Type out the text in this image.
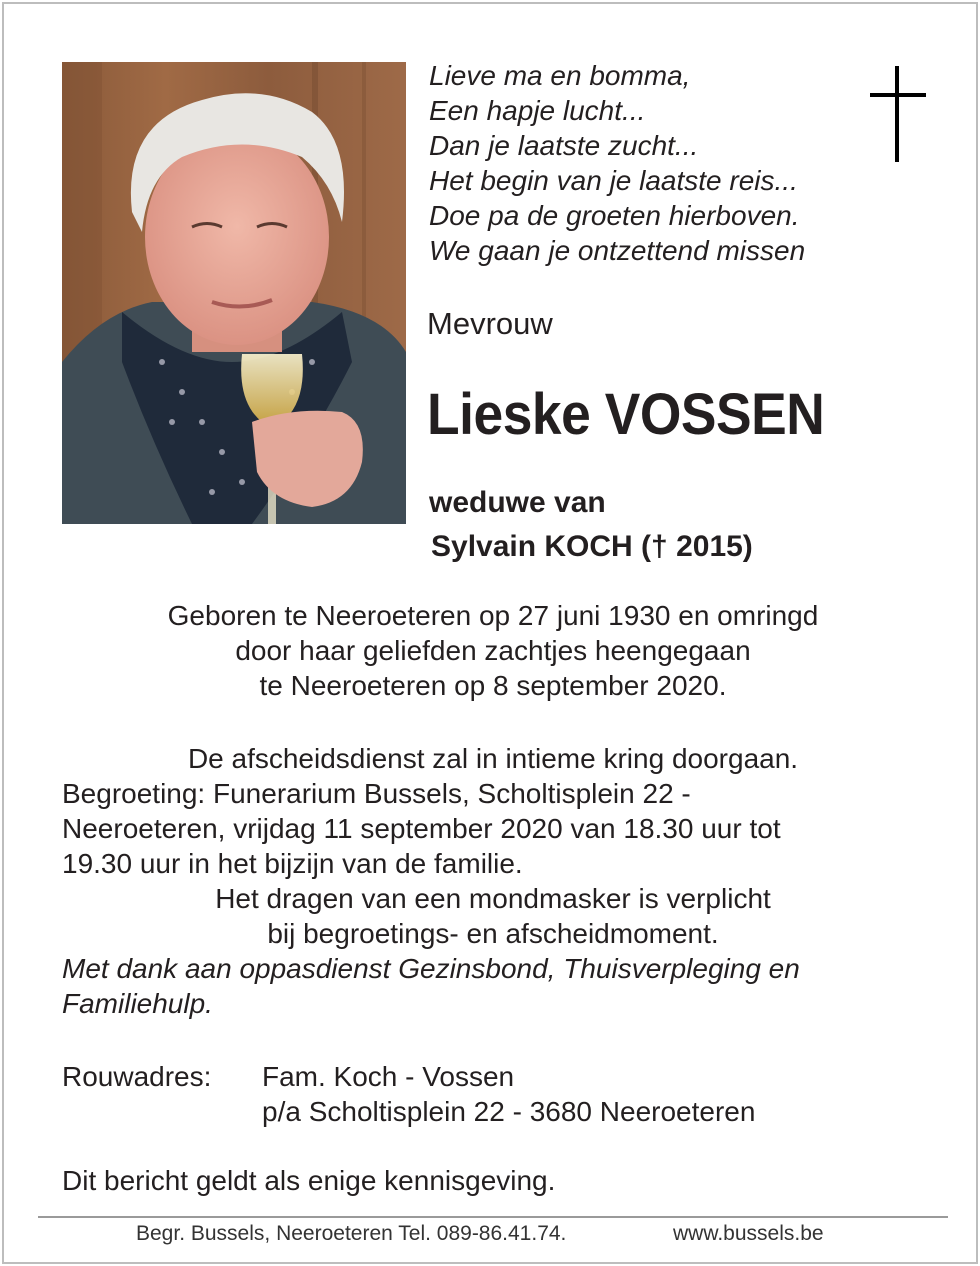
Lieve ma en bomma,
Een hapje lucht...
Dan je laatste zucht...
Het begin van je laatste reis...
Doe pa de groeten hierboven.
We gaan je ontzettend missen
Mevrouw
Lieske VOSSEN
weduwe van
Sylvain KOCH († 2015)
Geboren te Neeroeteren op 27 juni 1930 en omringd
door haar geliefden zachtjes heengegaan
te Neeroeteren op 8 september 2020.
De afscheidsdienst zal in intieme kring doorgaan.
Begroeting: Funerarium Bussels, Scholtisplein 22 -
Neeroeteren, vrijdag 11 september 2020 van 18.30 uur tot
19.30 uur in het bijzijn van de familie.
Het dragen van een mondmasker is verplicht
bij begroetings- en afscheidmoment.
Met dank aan oppasdienst Gezinsbond, Thuisverpleging en
Familiehulp.
Rouwadres: Fam. Koch - Vossen
p/a Scholtisplein 22 - 3680 Neeroeteren
Dit bericht geldt als enige kennisgeving.
Begr. Bussels, Neeroeteren Tel. 089-86.41.74.	www.bussels.be
